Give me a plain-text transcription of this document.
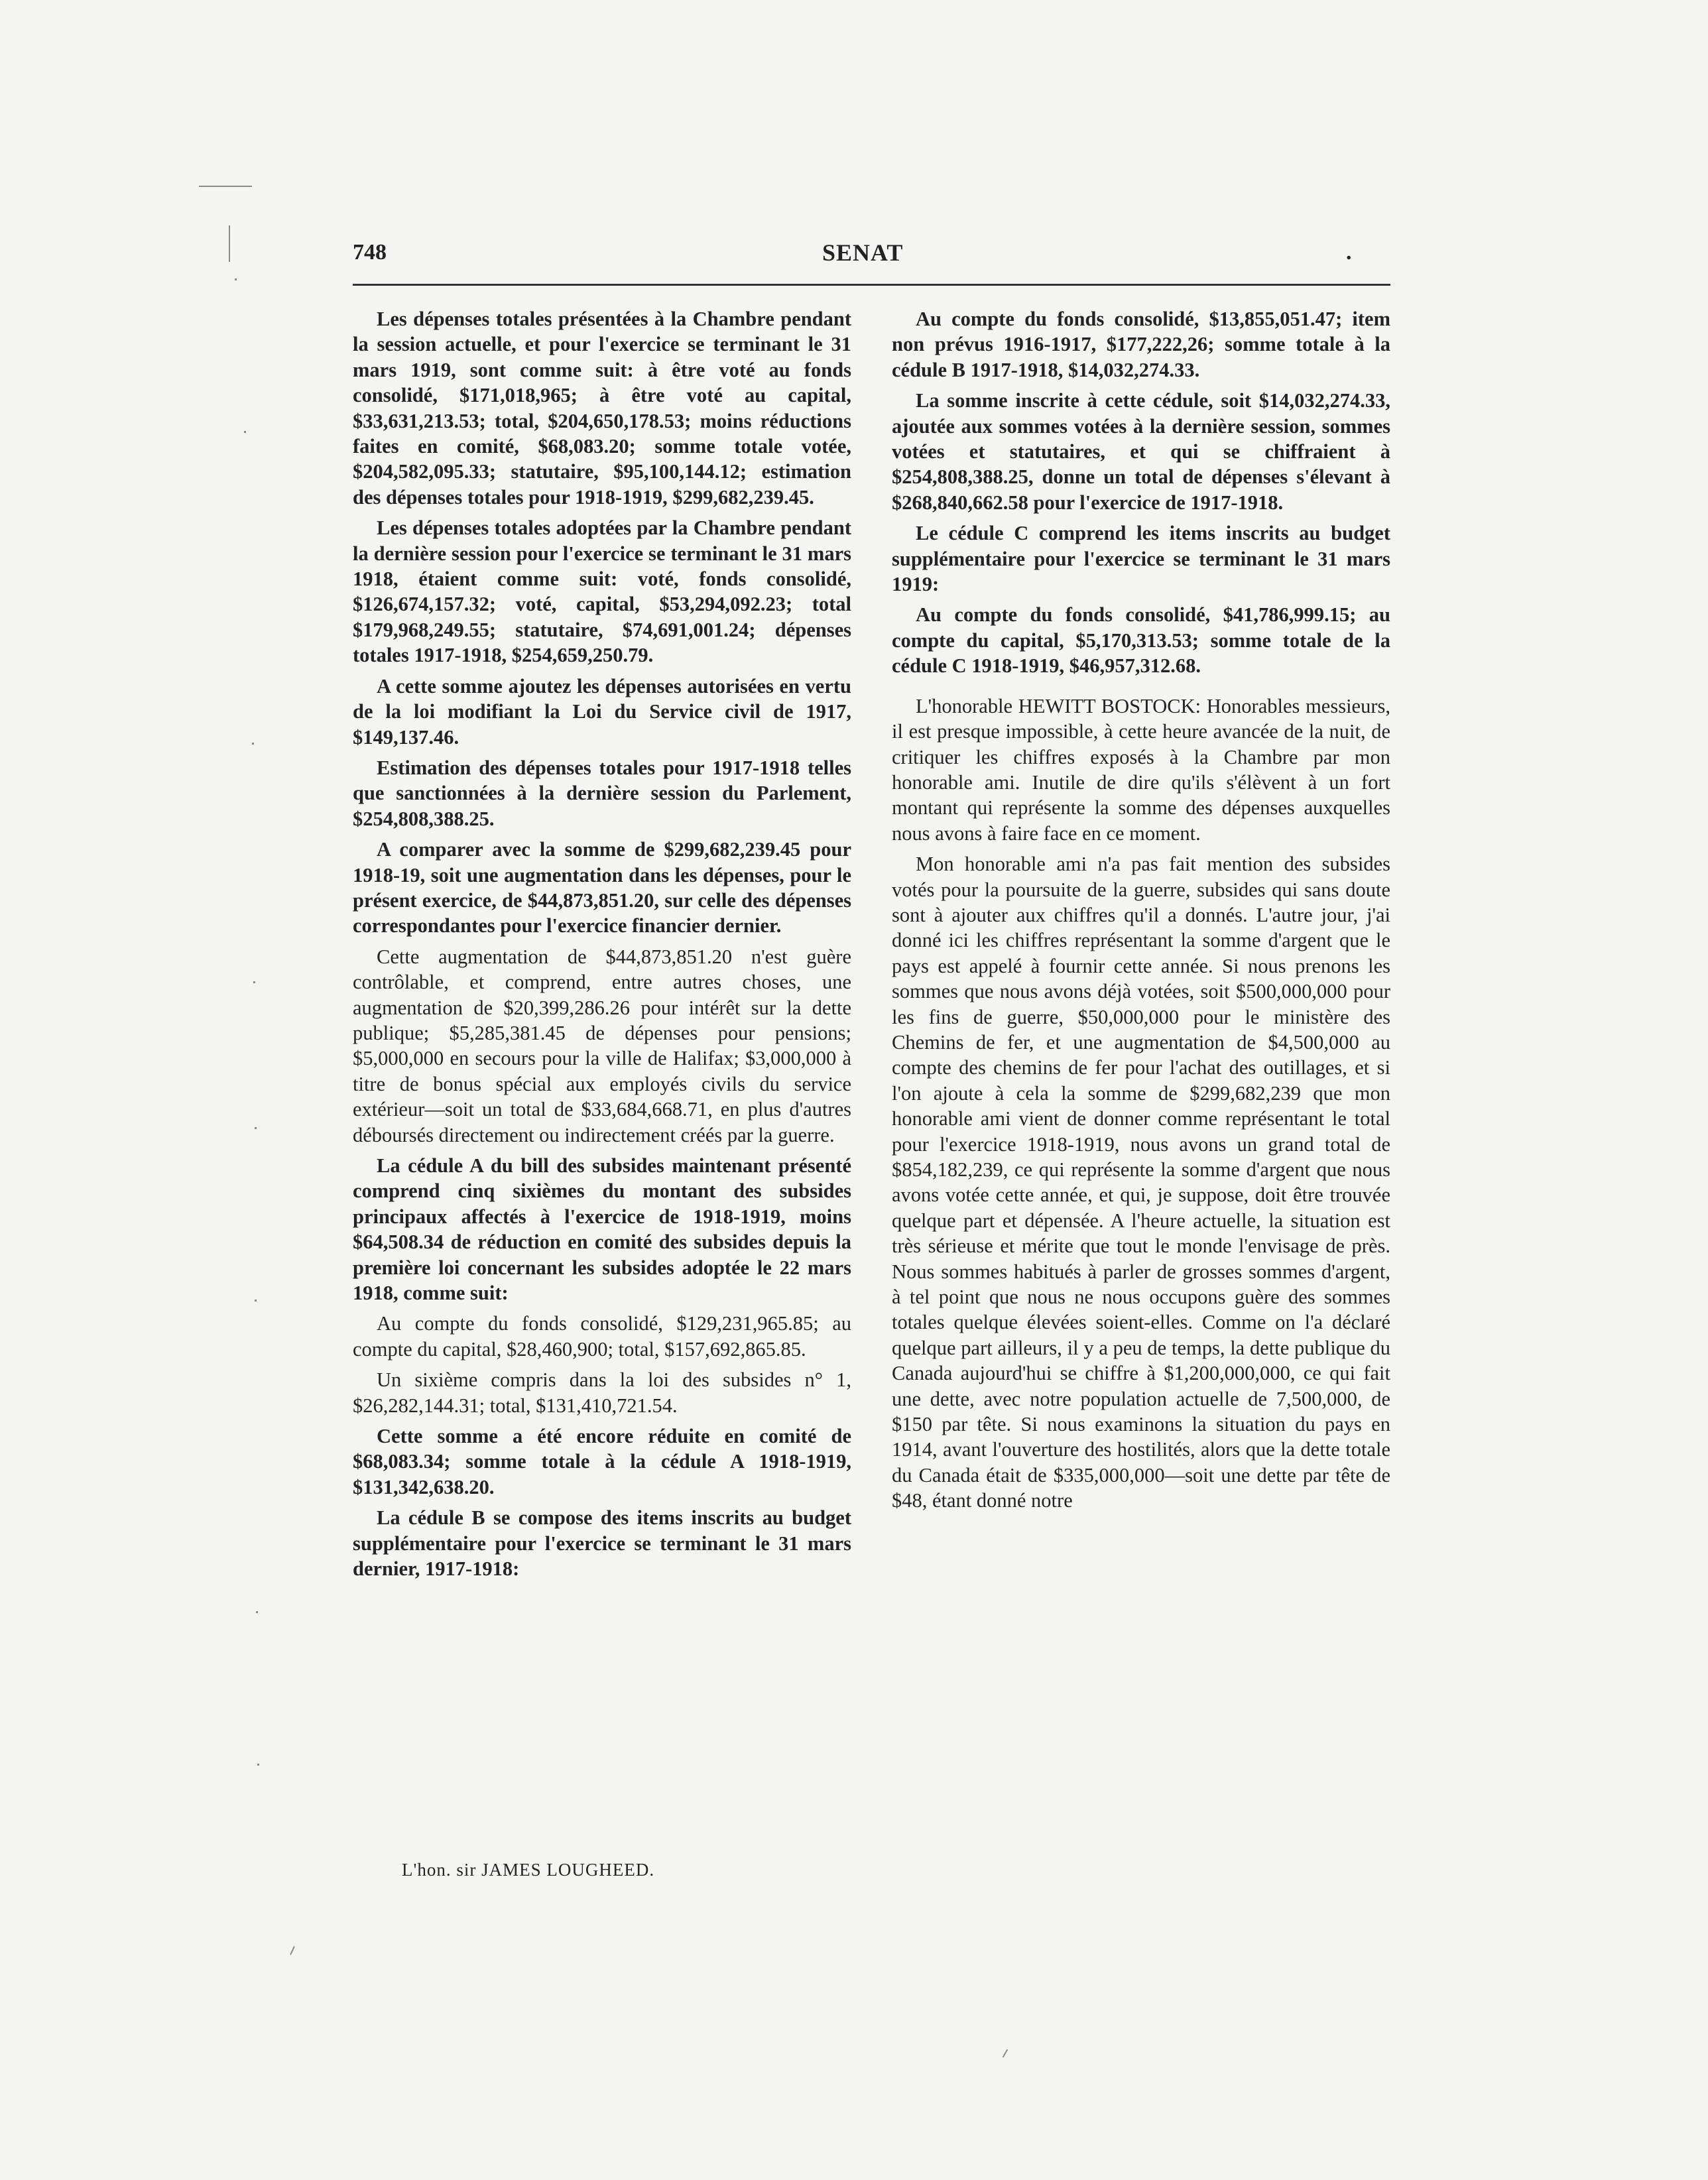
748	SENAT	.

Les dépenses totales présentées à la Chambre pendant la session actuelle, et pour l'exercice se terminant le 31 mars 1919, sont comme suit: à être voté au fonds consolidé, $171,018,965; à être voté au capital, $33,631,213.53; total, $204,650,178.53; moins réductions faites en comité, $68,083.20; somme totale votée, $204,582,095.33; statutaire, $95,100,144.12; estimation des dépenses totales pour 1918-1919, $299,682,239.45.

Les dépenses totales adoptées par la Chambre pendant la dernière session pour l'exercice se terminant le 31 mars 1918, étaient comme suit: voté, fonds consolidé, $126,674,157.32; voté, capital, $53,294,092.23; total $179,968,249.55; statutaire, $74,691,001.24; dépenses totales 1917-1918, $254,659,250.79.

A cette somme ajoutez les dépenses autorisées en vertu de la loi modifiant la Loi du Service civil de 1917, $149,137.46.

Estimation des dépenses totales pour 1917-1918 telles que sanctionnées à la dernière session du Parlement, $254,808,388.25.

A comparer avec la somme de $299,682,239.45 pour 1918-19, soit une augmentation dans les dépenses, pour le présent exercice, de $44,873,851.20, sur celle des dépenses correspondantes pour l'exercice financier dernier.

Cette augmentation de $44,873,851.20 n'est guère contrôlable, et comprend, entre autres choses, une augmentation de $20,399,286.26 pour intérêt sur la dette publique; $5,285,381.45 de dépenses pour pensions; $5,000,000 en secours pour la ville de Halifax; $3,000,000 à titre de bonus spécial aux employés civils du service extérieur—soit un total de $33,684,668.71, en plus d'autres déboursés directement ou indirectement créés par la guerre.

La cédule A du bill des subsides maintenant présenté comprend cinq sixièmes du montant des subsides principaux affectés à l'exercice de 1918-1919, moins $64,508.34 de réduction en comité des subsides depuis la première loi concernant les subsides adoptée le 22 mars 1918, comme suit:

Au compte du fonds consolidé, $129,231,965.85; au compte du capital, $28,460,900; total, $157,692,865.85.

Un sixième compris dans la loi des subsides n° 1, $26,282,144.31; total, $131,410,721.54.

Cette somme a été encore réduite en comité de $68,083.34; somme totale à la cédule A 1918-1919, $131,342,638.20.

La cédule B se compose des items inscrits au budget supplémentaire pour l'exercice se terminant le 31 mars dernier, 1917-1918:

Au compte du fonds consolidé, $13,855,051.47; item non prévus 1916-1917, $177,222,26; somme totale à la cédule B 1917-1918, $14,032,274.33.

La somme inscrite à cette cédule, soit $14,032,274.33, ajoutée aux sommes votées à la dernière session, sommes votées et statutaires, et qui se chiffraient à $254,808,388.25, donne un total de dépenses s'élevant à $268,840,662.58 pour l'exercice de 1917-1918.

Le cédule C comprend les items inscrits au budget supplémentaire pour l'exercice se terminant le 31 mars 1919:

Au compte du fonds consolidé, $41,786,999.15; au compte du capital, $5,170,313.53; somme totale de la cédule C 1918-1919, $46,957,312.68.

L'honorable HEWITT BOSTOCK: Honorables messieurs, il est presque impossible, à cette heure avancée de la nuit, de critiquer les chiffres exposés à la Chambre par mon honorable ami. Inutile de dire qu'ils s'élèvent à un fort montant qui représente la somme des dépenses auxquelles nous avons à faire face en ce moment.

Mon honorable ami n'a pas fait mention des subsides votés pour la poursuite de la guerre, subsides qui sans doute sont à ajouter aux chiffres qu'il a donnés. L'autre jour, j'ai donné ici les chiffres représentant la somme d'argent que le pays est appelé à fournir cette année. Si nous prenons les sommes que nous avons déjà votées, soit $500,000,000 pour les fins de guerre, $50,000,000 pour le ministère des Chemins de fer, et une augmentation de $4,500,000 au compte des chemins de fer pour l'achat des outillages, et si l'on ajoute à cela la somme de $299,682,239 que mon honorable ami vient de donner comme représentant le total pour l'exercice 1918-1919, nous avons un grand total de $854,182,239, ce qui représente la somme d'argent que nous avons votée cette année, et qui, je suppose, doit être trouvée quelque part et dépensée. A l'heure actuelle, la situation est très sérieuse et mérite que tout le monde l'envisage de près. Nous sommes habitués à parler de grosses sommes d'argent, à tel point que nous ne nous occupons guère des sommes totales quelque élevées soient-elles. Comme on l'a déclaré quelque part ailleurs, il y a peu de temps, la dette publique du Canada aujourd'hui se chiffre à $1,200,000,000, ce qui fait une dette, avec notre population actuelle de 7,500,000, de $150 par tête. Si nous examinons la situation du pays en 1914, avant l'ouverture des hostilités, alors que la dette totale du Canada était de $335,000,000—soit une dette par tête de $48, étant donné notre

L'hon. sir JAMES LOUGHEED.
